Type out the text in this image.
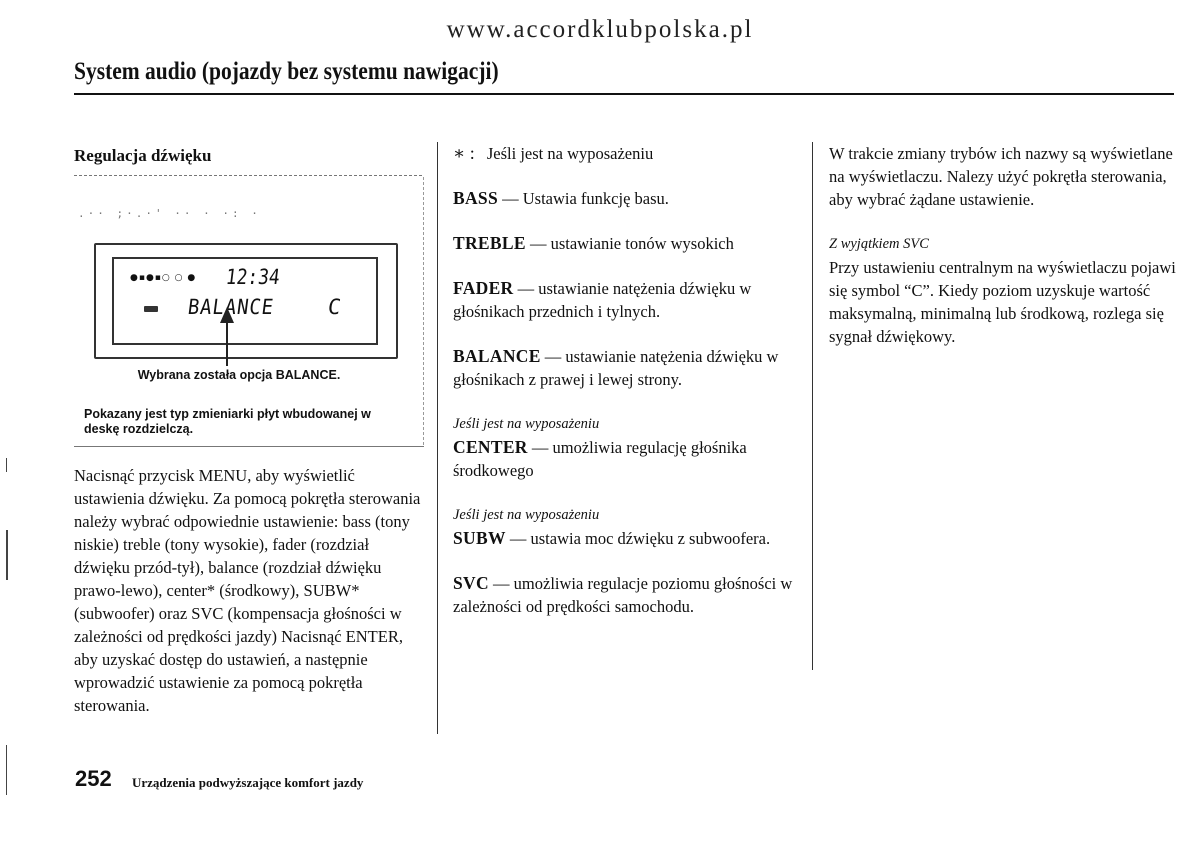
www.accordklubpolska.pl
System audio (pojazdy bez systemu nawigacji)
Regulacja dźwięku
.·· ;·.·' ·· · ·: ·
●▪●▪○ ○ ● 12:34
BALANCE C
Wybrana została opcja BALANCE.
Pokazany jest typ zmieniarki płyt wbudowanej w deskę rozdzielczą.
Nacisnąć przycisk MENU, aby wyświetlić ustawienia dźwięku. Za pomocą pokrętła sterowania należy wybrać odpowiednie ustawienie: bass (tony niskie) treble (tony wysokie), fader (rozdział dźwięku przód-tył), balance (rozdział dźwięku prawo-lewo), center* (środkowy), SUBW* (subwoofer) oraz SVC (kompensacja głośności w zależności od prędkości jazdy) Nacisnąć ENTER, aby uzyskać dostęp do ustawień, a następnie wprowadzić ustawienie za pomocą pokrętła sterowania.
252 Urządzenia podwyższające komfort jazdy
∗ : Jeśli jest na wyposażeniu
BASS — Ustawia funkcję basu.
TREBLE — ustawianie tonów wysokich
FADER — ustawianie natężenia dźwięku w głośnikach przednich i tylnych.
BALANCE — ustawianie natężenia dźwięku w głośnikach z prawej i lewej strony.
Jeśli jest na wyposażeniu
CENTER — umożliwia regulację głośnika środkowego
Jeśli jest na wyposażeniu
SUBW — ustawia moc dźwięku z subwoofera.
SVC — umożliwia regulacje poziomu głośności w zależności od prędkości samochodu.
W trakcie zmiany trybów ich nazwy są wyświetlane na wyświetlaczu. Nalezy użyć pokrętła sterowania, aby wybrać żądane ustawienie.
Z wyjątkiem SVC
Przy ustawieniu centralnym na wyświetlaczu pojawi się symbol “C”. Kiedy poziom uzyskuje wartość maksymalną, minimalną lub środkową, rozlega się sygnał dźwiękowy.
